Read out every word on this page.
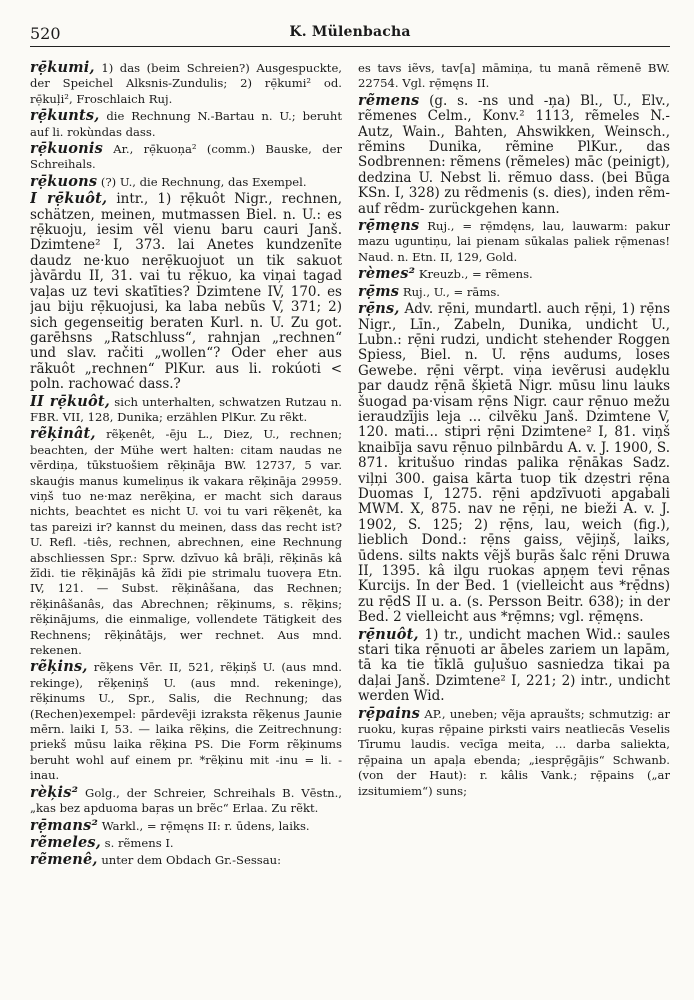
520	K. Mülenbacha

rẹ̄kumi, 1) das (beim Schreien?) Ausgespuckte, der Speichel Alksnis-Zundulis; 2) rẹ̄kumi² od. rẹ̄kuļi², Froschlaich Ruj.

rẹ̄kunts, die Rechnung N.-Bartau n. U.; beruht auf li. rokùndas dass.

rẹ̄kuonis Ar., rẹ̄kuoņa² (comm.) Bauske, der Schreihals.

rẹ̄kuons (?) U., die Rechnung, das Exempel.

I rẹ̄kuôt, intr., 1) rẹ̄kuôt Nigr., rechnen, schätzen, meinen, mutmassen Biel. n. U.: es rẹ̄kuoju, iesim vẽl vienu baru cauri Janš. Dzimtene² I, 373. lai Anetes kundzenīte daudz ne·kuo nerẹ̄kuojuot un tik sakuot jàvārdu II, 31. vai tu rẹ̄kuo, ka viņai tagad vaļas uz tevi skatīties? Dzimtene IV, 170. es jau biju rẹ̄kuojusi, ka laba nebũs V, 371; 2) sich gegenseitig beraten Kurl. n. U. Zu got. garēhsns „Ratschluss“, rahnjan „rechnen“ und slav. račiti „wollen“? Oder eher aus rãkuôt „rechnen“ PlKur. aus li. rokúoti < poln. rachować dass.?

II rẹ̄kuôt, sich unterhalten, schwatzen Rutzau n. FBR. VII, 128, Dunika; erzählen PlKur. Zu rẽkt.

rẽķinât, rẽķenêt, -ēju L., Diez, U., rechnen; beachten, der Mühe wert halten: citam naudas ne vērdiņa, tūkstuošiem rẽķināja BW. 12737, 5 var. skauģis manus kumeliņus ik vakara rẽķināja 29959. viņš tuo ne·maz nerẽķina, er macht sich daraus nichts, beachtet es nicht U. voi tu vari rẽķenêt, ka tas pareizi ir? kannst du meinen, dass das recht ist? U. Refl. -tiês, rechnen, abrechnen, eine Rechnung abschliessen Spr.: Sprw. dzīvuo kâ brāļi, rẽķinās kâ žīdi. tie rẽķinājās kâ žīdi pie strimalu tuoveŗa Etn. IV, 121. — Subst. rẽķinâšana, das Rechnen; rẽķinâšanâs, das Abrechnen; rẽķinums, s. rẽķins; rẽķinājums, die einmalige, vollendete Tätigkeit des Rechnens; rẽķinâtājs, wer rechnet. Aus mnd. rekenen.

rẽķins, rẽķens Vēr. II, 521, rẽķiņš U. (aus mnd. rekinge), rẽķeniņš U. (aus mnd. rekeninge), rẽķinums U., Spr., Salis, die Rechnung; das (Rechen)exempel: pārdevẽji izrakstа rẽķenus Jaunie mērn. laiki I, 53. — laika rẽķins, die Zeitrechnung: priekš mūsu laika rẽķina PS. Die Form rẽķinums beruht wohl auf einem pr. *rẽķinu mit -inu = li. -inau.

rèķis² Golg., der Schreier, Schreihals B. Vēstn., „kas bez apduoma baŗas un brẽc“ Erlaa. Zu rẽkt.

rẹ̄mans² Warkl., = rẹ̄męns II: r. ūdens, laiks.

rẽmeles, s. rẽmens I.

rẽmenê, unter dem Obdach Gr.-Sessau:

es tavs iẽvs, tav[a] māmiņa, tu manā rẽmenē BW. 22754. Vgl. rẹ̄męns II.

rẽmens (g. s. -ns und -ņa) Bl., U., Elv., rẽmenes Celm., Konv.² 1113, rẽmeles N.-Autz, Wain., Bahten, Ahswikken, Weinsch., rẽmins Dunika, rẽmine PlKur., das Sodbrennen: rẽmens (rẽmeles) māc (peinigt), dedzina U. Nebst li. rẽmuo dass. (bei Būga KSn. I, 328) zu rẽdmenis (s. dies), inden rẽm- auf rẽdm- zurückgehen kann.

rẹ̄męns Ruj., = rẹ̄mdęns, lau, lauwarm: pakur mazu uguntiņu, lai pienam sūkalas paliek rẹ̄menas! Naud. n. Etn. II, 129, Gold.

rèmes² Kreuzb., = rẽmens.

rẹ̄ms Ruj., U., = rāms.

rẹ̄ns, Adv. rẹ̄ni, mundartl. auch rẹ̄ņi, 1) rẹ̄ns Nigr., Līn., Zabeln, Dunika, undicht U., Lubn.: rẹ̄ni rudzi, undicht stehender Roggen Spiess, Biel. n. U. rẹ̄ns audums, loses Gewebe. rẹ̄ni vẽrpt. viņa ievẽrusi audẹklu par daudz rẹ̄nā šķietā Nigr. mūsu linu lauks šuogad pa·visam rẹ̄ns Nigr. caur rẹ̄nuo mežu ieraudzījis leja ... cilvẽku Janš. Dzimtene V, 120. mati... stipri rẹ̄ni Dzimtene² I, 81. viņš knaibīja savu rẹ̄nuo pilnbārdu A. v. J. 1900, S. 871. kritušuo rindas palika rẹ̄nākas Sadz. viļņi 300. gaisa kārta tuop tik dzẹstri rẹ̄na Duomas I, 1275. rẹ̄ni apdzīvuoti apgabali MWM. X, 875. nav ne rẹ̄ņi, ne bieži A. v. J. 1902, S. 125; 2) rẹ̄ns, lau, weich (fig.), lieblich Dond.: rẹ̄ns gaiss, vējiņš, laiks, ūdens. silts nakts vẽjš buŗās šalc rẹ̄ni Druwa II, 1395. kâ ilgu ruokas apņẹm tevi rẹ̄nas Kurcijs. In der Bed. 1 (vielleicht aus *rẹ̄dns) zu rẹ̄dS II u. a. (s. Persson Beitr. 638); in der Bed. 2 vielleicht aus *rẹ̄mns; vgl. rẹ̄męns.

rẹ̄nuôt, 1) tr., undicht machen Wid.: saules stari tika rẹ̄nuoti ar ābeles zariem un lapām, tā ka tie tīklā guļušuo sasniedza tikai pa daļai Janš. Dzimtene² I, 221; 2) intr., undicht werden Wid.

rẹ̄pains AP., uneben; vẽja apraušts; schmutzig: ar ruoku, kuŗas rẹ̄paine pirksti vairs neatliecās Veselis Tīrumu laudis. vecīga meita, ... darba saliekta, rẹ̄paina un apaļa ebenda; „iesprẹ̄gājis“ Schwanb. (von der Haut): r. kâlis Vank.; rẹ̄pains („ar izsitumiem“) suns;
